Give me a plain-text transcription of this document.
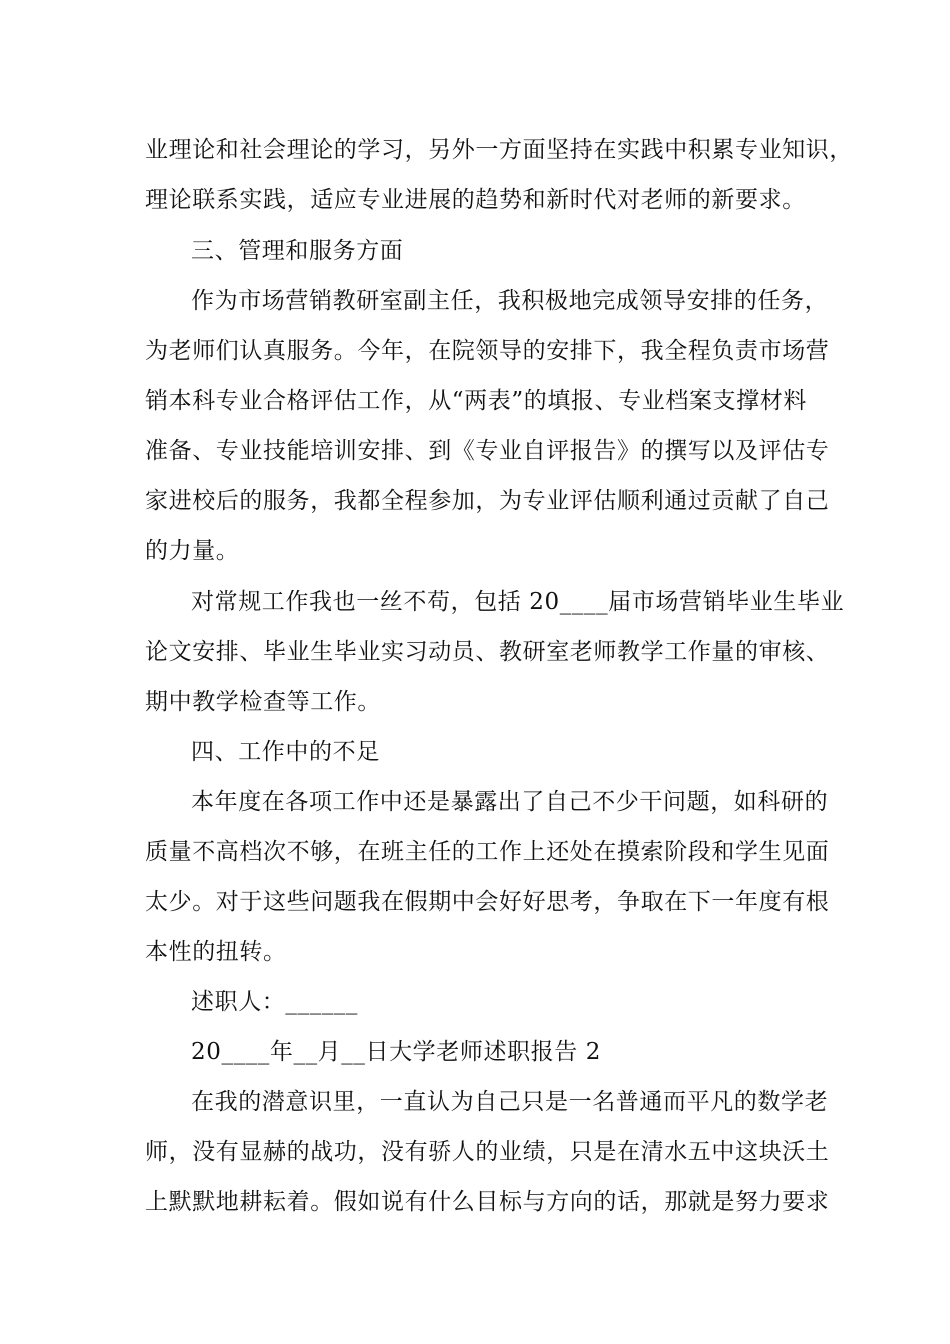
业理论和社会理论的学习，另外一方面坚持在实践中积累专业知识，
理论联系实践，适应专业进展的趋势和新时代对老师的新要求。
三、管理和服务方面
作为市场营销教研室副主任，我积极地完成领导安排的任务，
为老师们认真服务。今年，在院领导的安排下，我全程负责市场营
销本科专业合格评估工作，从“两表”的填报、专业档案支撑材料
准备、专业技能培训安排、到《专业自评报告》的撰写以及评估专
家进校后的服务，我都全程参加，为专业评估顺利通过贡献了自己
的力量。
对常规工作我也一丝不苟，包括 20____届市场营销毕业生毕业
论文安排、毕业生毕业实习动员、教研室老师教学工作量的审核、
期中教学检查等工作。
四、工作中的不足
本年度在各项工作中还是暴露出了自己不少干问题，如科研的
质量不高档次不够，在班主任的工作上还处在摸索阶段和学生见面
太少。对于这些问题我在假期中会好好思考，争取在下一年度有根
本性的扭转。
述职人：______
20____年__月__日大学老师述职报告 2
在我的潜意识里，一直认为自己只是一名普通而平凡的数学老
师，没有显赫的战功，没有骄人的业绩，只是在清水五中这块沃土
上默默地耕耘着。假如说有什么目标与方向的话，那就是努力要求
